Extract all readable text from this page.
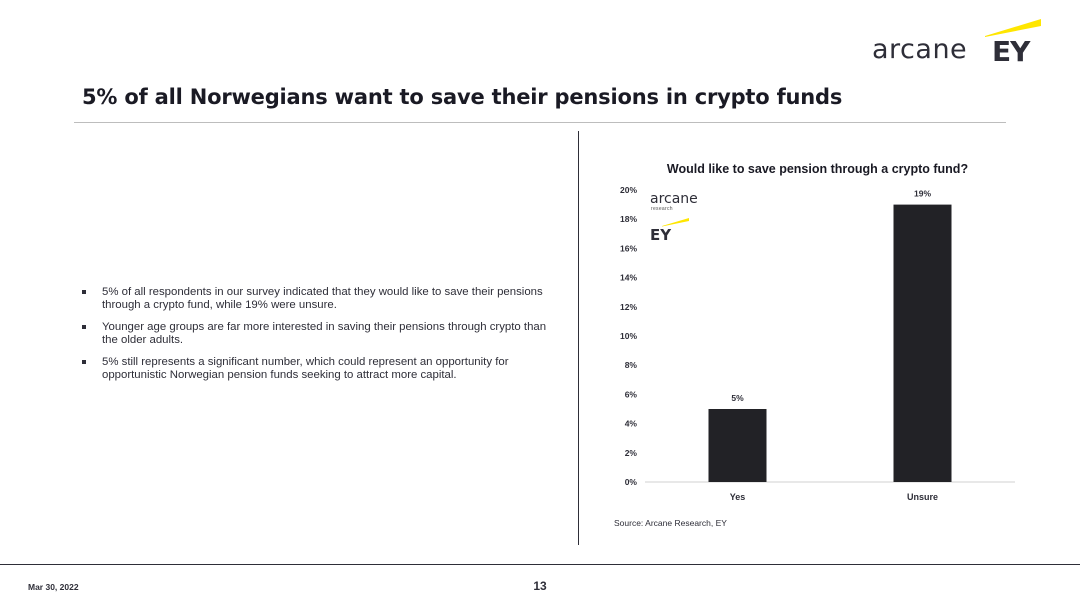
arcane EY
5% of all Norwegians want to save their pensions in crypto funds
5% of all respondents in our survey indicated that they would like to save their pensions through a crypto fund, while 19% were unsure.
Younger age groups are far more interested in saving their pensions through crypto than the older adults.
5% still represents a significant number, which could represent an opportunity for opportunistic Norwegian pension funds seeking to attract more capital.
Would like to save pension through a crypto fund?
0%
2%
4%
6%
8%
10%
12%
14%
16%
18%
20%
5%
Yes
19%
Unsure
arcane
research
EY
Source: Arcane Research, EY
Mar 30, 2022	13
